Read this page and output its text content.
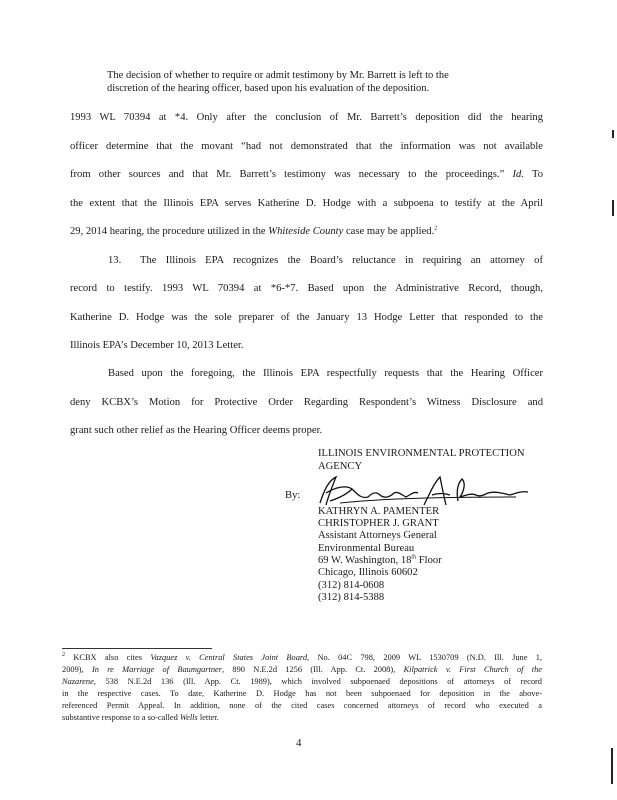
The decision of whether to require or admit testimony by Mr. Barrett is left to the
discretion of the hearing officer, based upon his evaluation of the deposition.
1993 WL 70394 at *4. Only after the conclusion of Mr. Barrett’s deposition did the hearing
officer determine that the movant “had not demonstrated that the information was not available
from other sources and that Mr. Barrett’s testimony was necessary to the proceedings.” Id. To
the extent that the Illinois EPA serves Katherine D. Hodge with a subpoena to testify at the April
29, 2014 hearing, the procedure utilized in the Whiteside County case may be applied.$^2$
13. The Illinois EPA recognizes the Board’s reluctance in requiring an attorney of
record to testify. 1993 WL 70394 at *6-*7. Based upon the Administrative Record, though,
Katherine D. Hodge was the sole preparer of the January 13 Hodge Letter that responded to the
Illinois EPA’s December 10, 2013 Letter.
Based upon the foregoing, the Illinois EPA respectfully requests that the Hearing Officer
deny KCBX’s Motion for Protective Order Regarding Respondent’s Witness Disclosure and
grant such other relief as the Hearing Officer deems proper.
ILLINOIS ENVIRONMENTAL PROTECTION
AGENCY
By:
KATHRYN A. PAMENTER
CHRISTOPHER J. GRANT
Assistant Attorneys General
Environmental Bureau
69 W. Washington, 18th Floor
Chicago, Illinois 60602
(312) 814-0608
(312) 814-5388
$^2$ KCBX also cites Vazquez v. Central States Joint Board, No. 04C 798, 2009 WL 1530709 (N.D. Ill. June 1,
2009), In re Marriage of Baumgartner, 890 N.E.2d 1256 (Ill. App. Ct. 2008), Kilpatrick v. First Church of the
Nazarene, 538 N.E.2d 136 (Ill. App. Ct. 1989), which involved subpoenaed depositions of attorneys of record
in the respective cases. To date, Katherine D. Hodge has not been subpoenaed for deposition in the above-
referenced Permit Appeal. In addition, none of the cited cases concerned attorneys of record who executed a
substantive response to a so-called Wells letter.
4
